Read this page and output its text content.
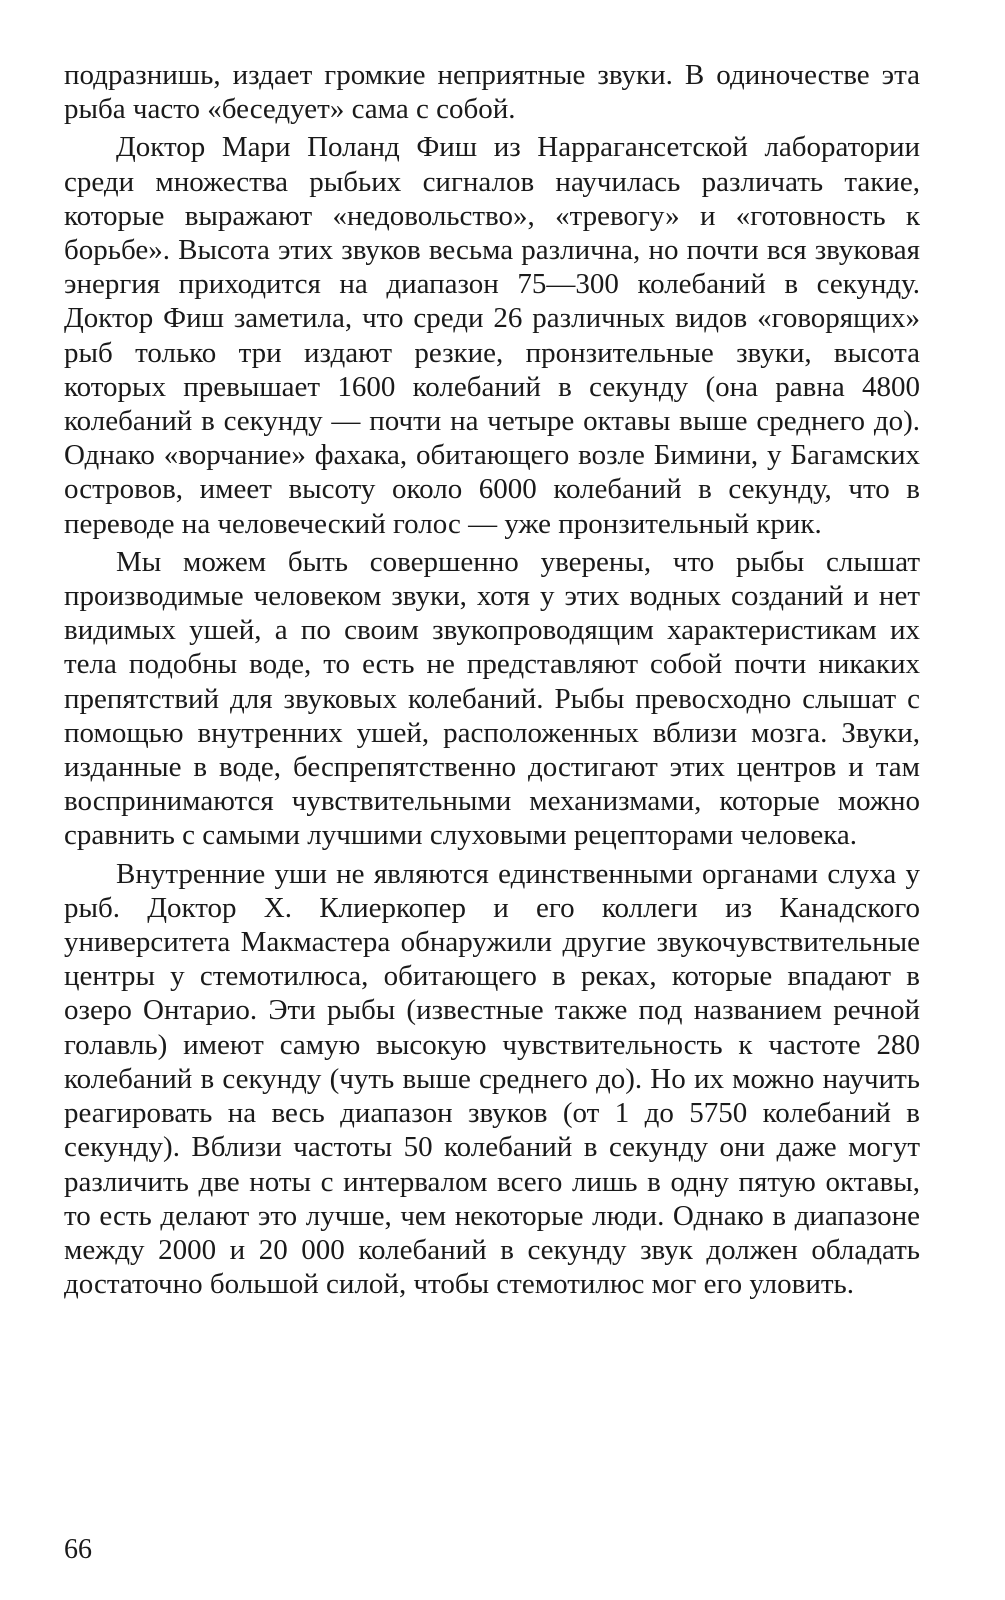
подразнишь, издает громкие неприятные звуки. В одиночестве эта рыба часто «беседует» сама с собой.

Доктор Мари Поланд Фиш из Наррагансетской лаборатории среди множества рыбьих сигналов научилась различать такие, которые выражают «недовольство», «тревогу» и «готовность к борьбе». Высота этих звуков весьма различна, но почти вся звуковая энергия приходится на диапазон 75—300 колебаний в секунду. Доктор Фиш заметила, что среди 26 различных видов «говорящих» рыб только три издают резкие, пронзительные звуки, высота которых превышает 1600 колебаний в секунду (она равна 4800 колебаний в секунду — почти на четыре октавы выше среднего до). Однако «ворчание» фахака, обитающего возле Бимини, у Багамских островов, имеет высоту около 6000 колебаний в секунду, что в переводе на человеческий голос — уже пронзительный крик.

Мы можем быть совершенно уверены, что рыбы слышат производимые человеком звуки, хотя у этих водных созданий и нет видимых ушей, а по своим звукопроводящим характеристикам их тела подобны воде, то есть не представляют собой почти никаких препятствий для звуковых колебаний. Рыбы превосходно слышат с помощью внутренних ушей, расположенных вблизи мозга. Звуки, изданные в воде, беспрепятственно достигают этих центров и там воспринимаются чувствительными механизмами, которые можно сравнить с самыми лучшими слуховыми рецепторами человека.

Внутренние уши не являются единственными органами слуха у рыб. Доктор X. Клиеркопер и его коллеги из Канадского университета Макмастера обнаружили другие звукочувствительные центры у стемотилюса, обитающего в реках, которые впадают в озеро Онтарио. Эти рыбы (известные также под названием речной голавль) имеют самую высокую чувствительность к частоте 280 колебаний в секунду (чуть выше среднего до). Но их можно научить реагировать на весь диапазон звуков (от 1 до 5750 колебаний в секунду). Вблизи частоты 50 колебаний в секунду они даже могут различить две ноты с интервалом всего лишь в одну пятую октавы, то есть делают это лучше, чем некоторые люди. Однако в диапазоне между 2000 и 20 000 колебаний в секунду звук должен обладать достаточно большой силой, чтобы стемотилюс мог его уловить.

66
